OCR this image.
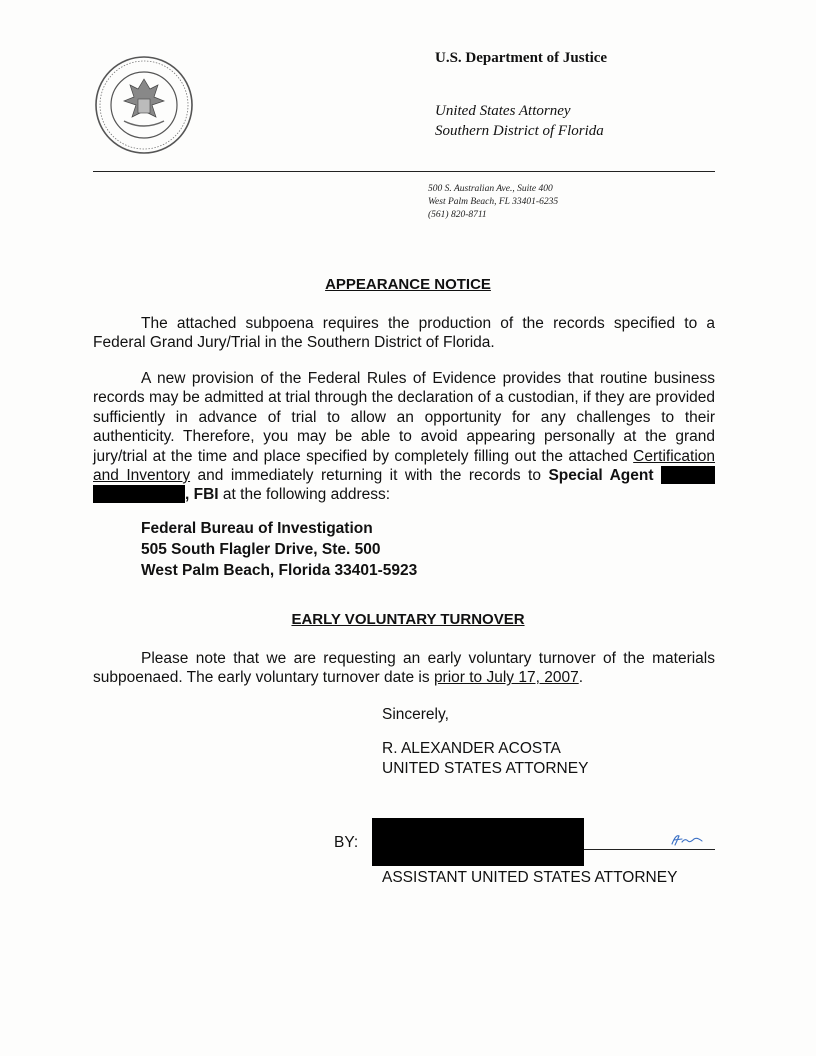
U.S. Department of Justice
United States Attorney
Southern District of Florida
500 S. Australian Ave., Suite 400
West Palm Beach, FL 33401-6235
(561) 820-8711
APPEARANCE NOTICE

The attached subpoena requires the production of the records specified to a Federal Grand Jury/Trial in the Southern District of Florida.

A new provision of the Federal Rules of Evidence provides that routine business records may be admitted at trial through the declaration of a custodian, if they are provided sufficiently in advance of trial to allow an opportunity for any challenges to their authenticity. Therefore, you may be able to avoid appearing personally at the grand jury/trial at the time and place specified by completely filling out the attached Certification and Inventory and immediately returning it with the records to Special Agent  , FBI at the following address:

Federal Bureau of Investigation
505 South Flagler Drive, Ste. 500
West Palm Beach, Florida 33401-5923
EARLY VOLUNTARY TURNOVER

Please note that we are requesting an early voluntary turnover of the materials subpoenaed. The early voluntary turnover date is prior to July 17, 2007.

Sincerely,
R. ALEXANDER ACOSTA
UNITED STATES ATTORNEY
BY:
ASSISTANT UNITED STATES ATTORNEY
